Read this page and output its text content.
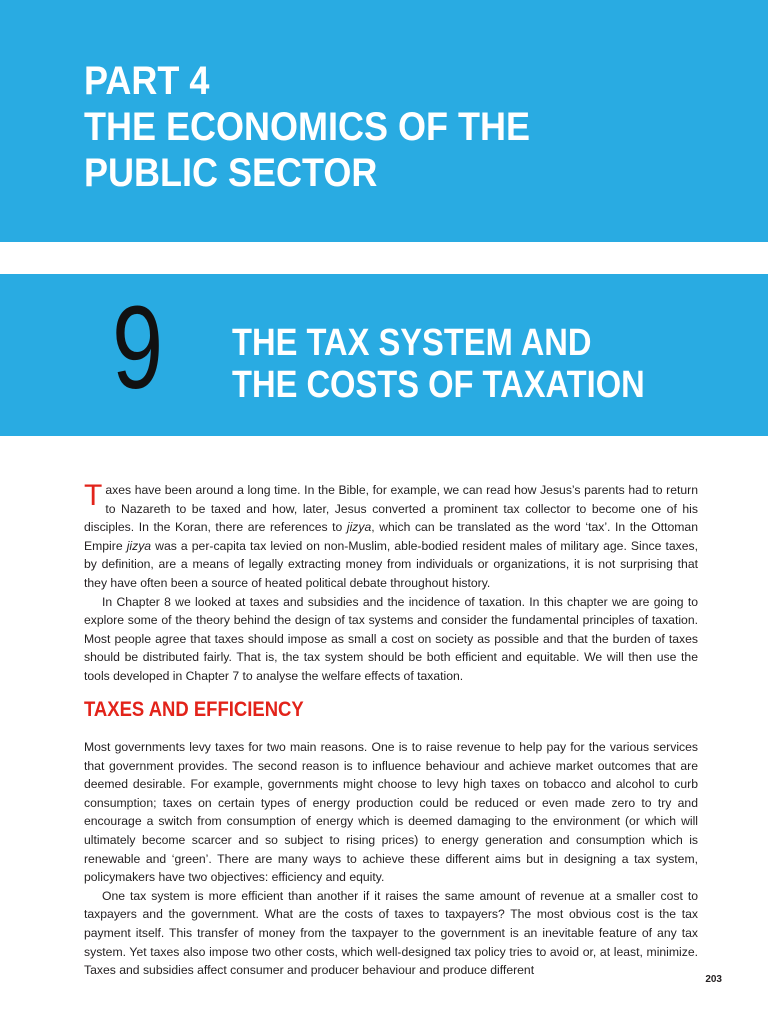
PART 4
THE ECONOMICS OF THE
PUBLIC SECTOR
9 THE TAX SYSTEM AND
THE COSTS OF TAXATION

Taxes have been around a long time. In the Bible, for example, we can read how Jesus’s parents had to return to Nazareth to be taxed and how, later, Jesus converted a prominent tax collector to become one of his disciples. In the Koran, there are references to jizya, which can be translated as the word ‘tax’. In the Ottoman Empire jizya was a per-capita tax levied on non-Muslim, able-bodied resident males of military age. Since taxes, by definition, are a means of legally extracting money from individuals or organizations, it is not surprising that they have often been a source of heated political debate throughout history.

In Chapter 8 we looked at taxes and subsidies and the incidence of taxation. In this chapter we are going to explore some of the theory behind the design of tax systems and consider the fundamental principles of taxation. Most people agree that taxes should impose as small a cost on society as possible and that the burden of taxes should be distributed fairly. That is, the tax system should be both efficient and equitable. We will then use the tools developed in Chapter 7 to analyse the welfare effects of taxation.

TAXES AND EFFICIENCY

Most governments levy taxes for two main reasons. One is to raise revenue to help pay for the various services that government provides. The second reason is to influence behaviour and achieve market outcomes that are deemed desirable. For example, governments might choose to levy high taxes on tobacco and alcohol to curb consumption; taxes on certain types of energy production could be reduced or even made zero to try and encourage a switch from consumption of energy which is deemed damaging to the environment (or which will ultimately become scarcer and so subject to rising prices) to energy generation and consumption which is renewable and ‘green’. There are many ways to achieve these different aims but in designing a tax system, policymakers have two objectives: efficiency and equity.

One tax system is more efficient than another if it raises the same amount of revenue at a smaller cost to taxpayers and the government. What are the costs of taxes to taxpayers? The most obvious cost is the tax payment itself. This transfer of money from the taxpayer to the government is an inevitable feature of any tax system. Yet taxes also impose two other costs, which well-designed tax policy tries to avoid or, at least, minimize. Taxes and subsidies affect consumer and producer behaviour and produce different

203
